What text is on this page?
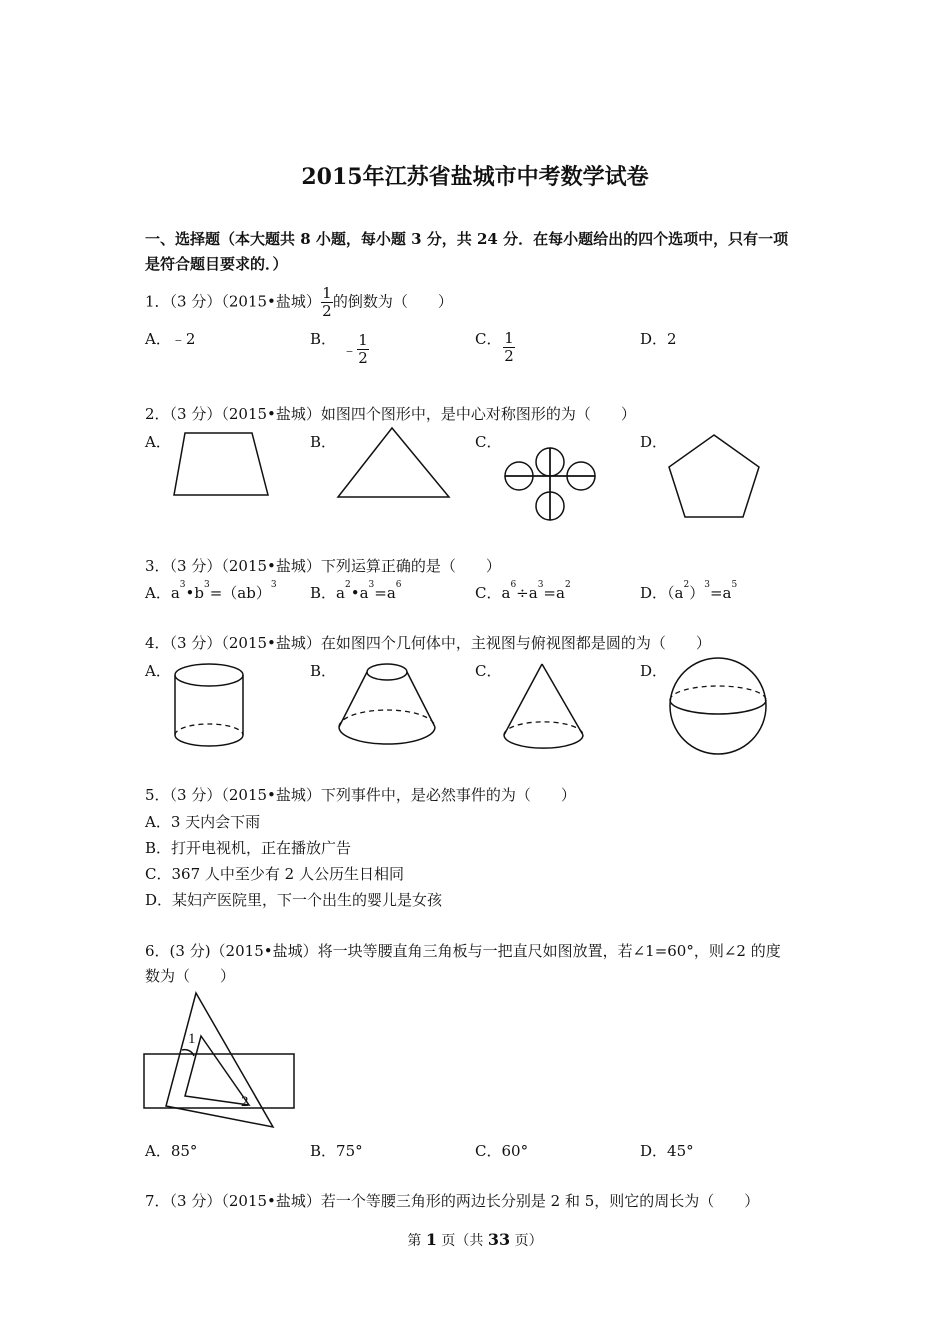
2015年江苏省盐城市中考数学试卷
一、选择题（本大题共 8 小题，每小题 3 分，共 24 分．在每小题给出的四个选项中，只有一项
是符合题目要求的．）
1．（3 分）（2015•盐城） $\frac{1}{2}$ 的倒数为（　　）
A．﹣2	B．
﹣ $\frac{1}{2}$	C． $\frac{1}{2}$	D．2
2．（3 分）（2015•盐城）如图四个图形中，是中心对称图形的为（　　）
A．	B．	C．	D．
3．（3 分）（2015•盐城）下列运算正确的是（　　）
A．$a^3•b^3=(ab)^3$ B．$a^2•a^3=a^6$	C．$a^6\div a^3=a^2$	D．$(a^2)^3=a^5$
4．（3 分）（2015•盐城）在如图四个几何体中，主视图与俯视图都是圆的为（　　）
A．	B．	C．	D．
5．（3 分）（2015•盐城）下列事件中，是必然事件的为（　　）
A．3 天内会下雨
B．打开电视机，正在播放广告
C．367 人中至少有 2 人公历生日相同
D．某妇产医院里，下一个出生的婴儿是女孩
6．(3 分)（2015•盐城）将一块等腰直角三角板与一把直尺如图放置，若∠1=60°，则∠2 的度
数为（　　）
1
2
A．85°	B．75°	C．60°	D．45°
7．（3 分）（2015•盐城）若一个等腰三角形的两边长分别是 2 和 5，则它的周长为（　　）
第 1 页（共 33 页）
